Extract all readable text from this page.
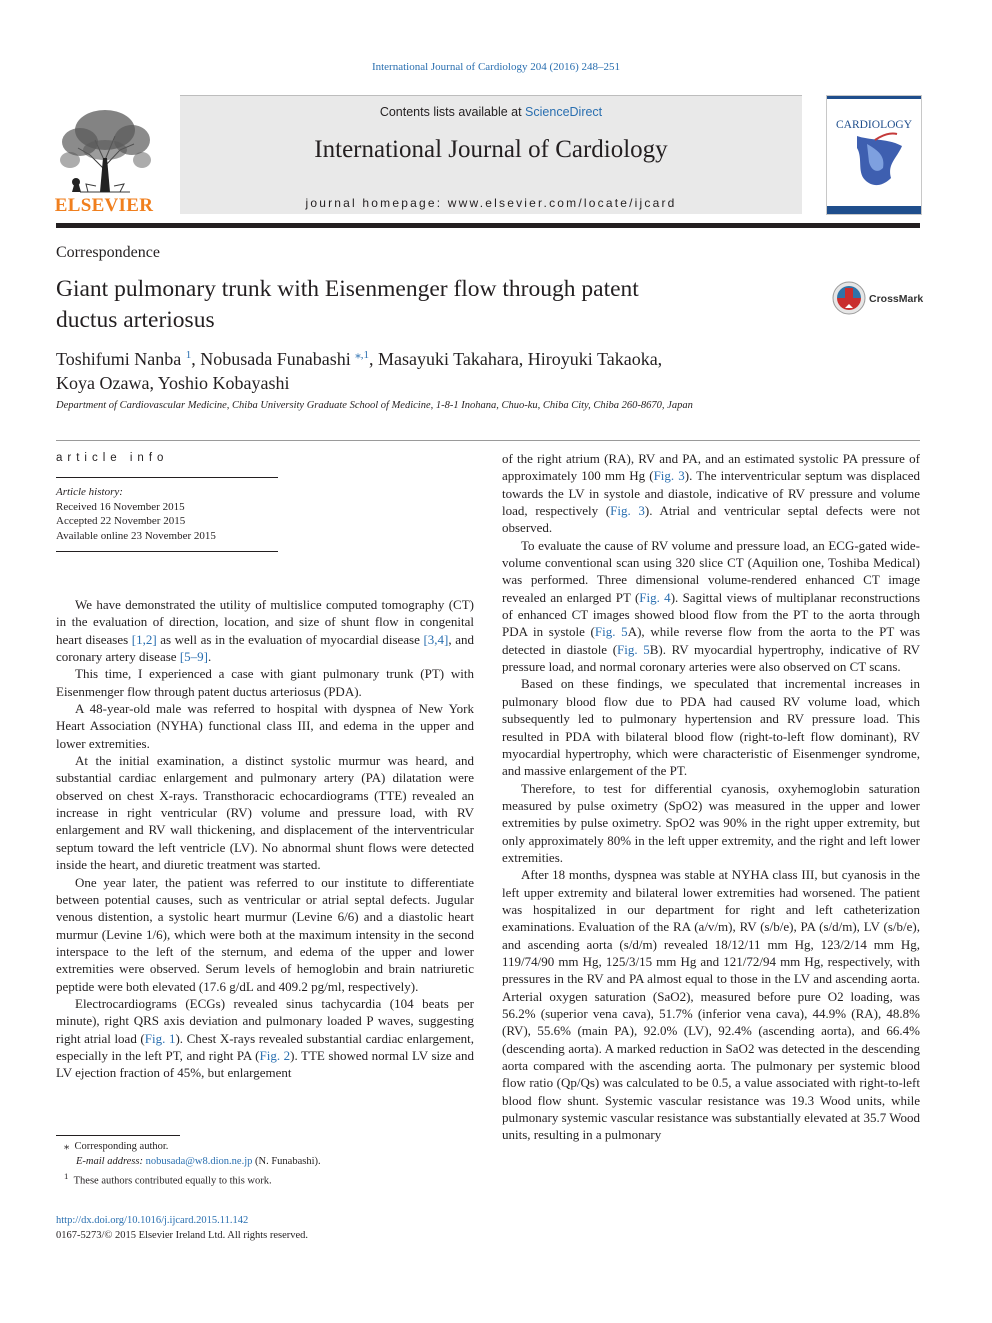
International Journal of Cardiology 204 (2016) 248–251
ELSEVIER
Contents lists available at ScienceDirect
International Journal of Cardiology
journal homepage: www.elsevier.com/locate/ijcard
CARDIOLOGY
Correspondence
Giant pulmonary trunk with Eisenmenger flow through patent
ductus arteriosus
CrossMark
Toshifumi Nanba $^1$, Nobusada Funabashi $^{⁎,1}$, Masayuki Takahara, Hiroyuki Takaoka,
Koya Ozawa, Yoshio Kobayashi
Department of Cardiovascular Medicine, Chiba University Graduate School of Medicine, 1-8-1 Inohana, Chuo-ku, Chiba City, Chiba 260-8670, Japan
article info
Article history:
Received 16 November 2015
Accepted 22 November 2015
Available online 23 November 2015

We have demonstrated the utility of multislice computed tomography (CT) in the evaluation of direction, location, and size of shunt flow in congenital heart diseases [1,2] as well as in the evaluation of myocardial disease [3,4], and coronary artery disease [5–9].

This time, I experienced a case with giant pulmonary trunk (PT) with Eisenmenger flow through patent ductus arteriosus (PDA).

A 48-year-old male was referred to hospital with dyspnea of New York Heart Association (NYHA) functional class III, and edema in the upper and lower extremities.

At the initial examination, a distinct systolic murmur was heard, and substantial cardiac enlargement and pulmonary artery (PA) dilatation were observed on chest X-rays. Transthoracic echocardiograms (TTE) revealed an increase in right ventricular (RV) volume and pressure load, with RV enlargement and RV wall thickening, and displacement of the interventricular septum toward the left ventricle (LV). No abnormal shunt flows were detected inside the heart, and diuretic treatment was started.

One year later, the patient was referred to our institute to differentiate between potential causes, such as ventricular or atrial septal defects. Jugular venous distention, a systolic heart murmur (Levine 6/6) and a diastolic heart murmur (Levine 1/6), which were both at the maximum intensity in the second interspace to the left of the sternum, and edema of the upper and lower extremities were observed. Serum levels of hemoglobin and brain natriuretic peptide were both elevated (17.6 g/dL and 409.2 pg/ml, respectively).

Electrocardiograms (ECGs) revealed sinus tachycardia (104 beats per minute), right QRS axis deviation and pulmonary loaded P waves, suggesting right atrial load (Fig. 1). Chest X-rays revealed substantial cardiac enlargement, especially in the left PT, and right PA (Fig. 2). TTE showed normal LV size and LV ejection fraction of 45%, but enlargement

of the right atrium (RA), RV and PA, and an estimated systolic PA pressure of approximately 100 mm Hg (Fig. 3). The interventricular septum was displaced towards the LV in systole and diastole, indicative of RV pressure and volume load, respectively (Fig. 3). Atrial and ventricular septal defects were not observed.

To evaluate the cause of RV volume and pressure load, an ECG-gated wide-volume conventional scan using 320 slice CT (Aquilion one, Toshiba Medical) was performed. Three dimensional volume-rendered enhanced CT image revealed an enlarged PT (Fig. 4). Sagittal views of multiplanar reconstructions of enhanced CT images showed blood flow from the PT to the aorta through PDA in systole (Fig. 5A), while reverse flow from the aorta to the PT was detected in diastole (Fig. 5B). RV myocardial hypertrophy, indicative of RV pressure load, and normal coronary arteries were also observed on CT scans.

Based on these findings, we speculated that incremental increases in pulmonary blood flow due to PDA had caused RV volume load, which subsequently led to pulmonary hypertension and RV pressure load. This resulted in PDA with bilateral blood flow (right-to-left flow dominant), RV myocardial hypertrophy, which were characteristic of Eisenmenger syndrome, and massive enlargement of the PT.

Therefore, to test for differential cyanosis, oxyhemoglobin saturation measured by pulse oximetry (SpO2) was measured in the upper and lower extremities by pulse oximetry. SpO2 was 90% in the right upper extremity, but only approximately 80% in the left upper extremity, and the right and left lower extremities.

After 18 months, dyspnea was stable at NYHA class III, but cyanosis in the left upper extremity and bilateral lower extremities had worsened. The patient was hospitalized in our department for right and left catheterization examinations. Evaluation of the RA (a/v/m), RV (s/b/e), PA (s/d/m), LV (s/b/e), and ascending aorta (s/d/m) revealed 18/12/11 mm Hg, 123/2/14 mm Hg, 119/74/90 mm Hg, 125/3/15 mm Hg and 121/72/94 mm Hg, respectively, with pressures in the RV and PA almost equal to those in the LV and ascending aorta. Arterial oxygen saturation (SaO2), measured before pure O2 loading, was 56.2% (superior vena cava), 51.7% (inferior vena cava), 44.9% (RA), 48.8% (RV), 55.6% (main PA), 92.0% (LV), 92.4% (ascending aorta), and 66.4% (descending aorta). A marked reduction in SaO2 was detected in the descending aorta compared with the ascending aorta. The pulmonary per systemic blood flow ratio (Qp/Qs) was calculated to be 0.5, a value associated with right-to-left blood flow shunt. Systemic vascular resistance was 19.3 Wood units, while pulmonary systemic vascular resistance was substantially elevated at 35.7 Wood units, resulting in a pulmonary

⁎ Corresponding author.
E-mail address: nobusada@w8.dion.ne.jp (N. Funabashi).
$^1$ These authors contributed equally to this work.
http://dx.doi.org/10.1016/j.ijcard.2015.11.142
0167-5273/© 2015 Elsevier Ireland Ltd. All rights reserved.
